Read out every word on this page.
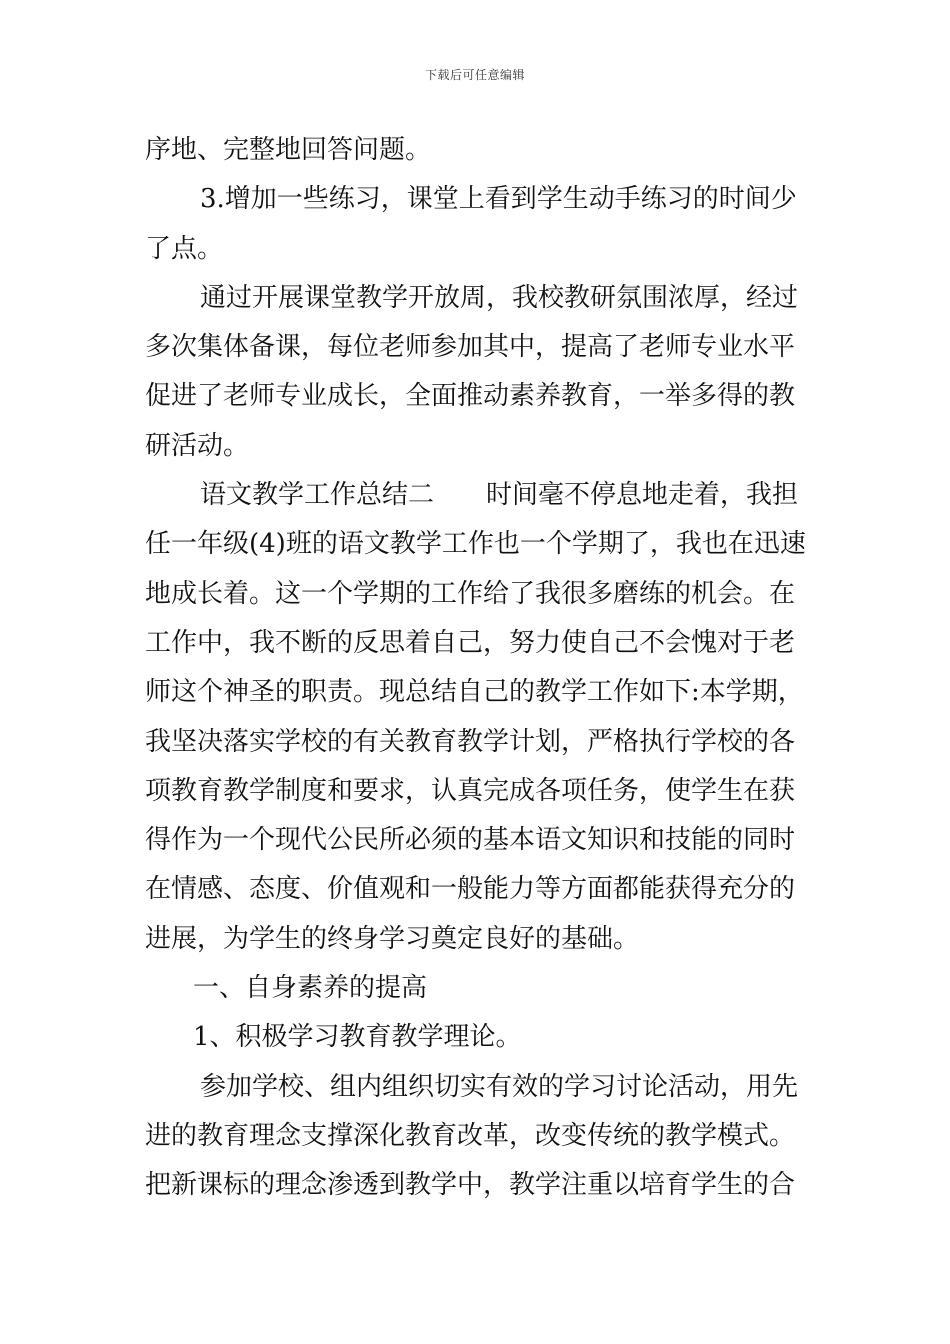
下载后可任意编辑
序地、完整地回答问题。
3.增加一些练习，课堂上看到学生动手练习的时间少
了点。
通过开展课堂教学开放周，我校教研氛围浓厚，经过
多次集体备课，每位老师参加其中，提高了老师专业水平
促进了老师专业成长，全面推动素养教育，一举多得的教
研活动。
语文教学工作总结二　　时间毫不停息地走着，我担
任一年级(4)班的语文教学工作也一个学期了，我也在迅速
地成长着。这一个学期的工作给了我很多磨练的机会。在
工作中，我不断的反思着自己，努力使自己不会愧对于老
师这个神圣的职责。现总结自己的教学工作如下:本学期，
我坚决落实学校的有关教育教学计划，严格执行学校的各
项教育教学制度和要求，认真完成各项任务，使学生在获
得作为一个现代公民所必须的基本语文知识和技能的同时
在情感、态度、价值观和一般能力等方面都能获得充分的
进展，为学生的终身学习奠定良好的基础。
一、自身素养的提高
1、积极学习教育教学理论。
参加学校、组内组织切实有效的学习讨论活动，用先
进的教育理念支撑深化教育改革，改变传统的教学模式。
把新课标的理念渗透到教学中，教学注重以培育学生的合
